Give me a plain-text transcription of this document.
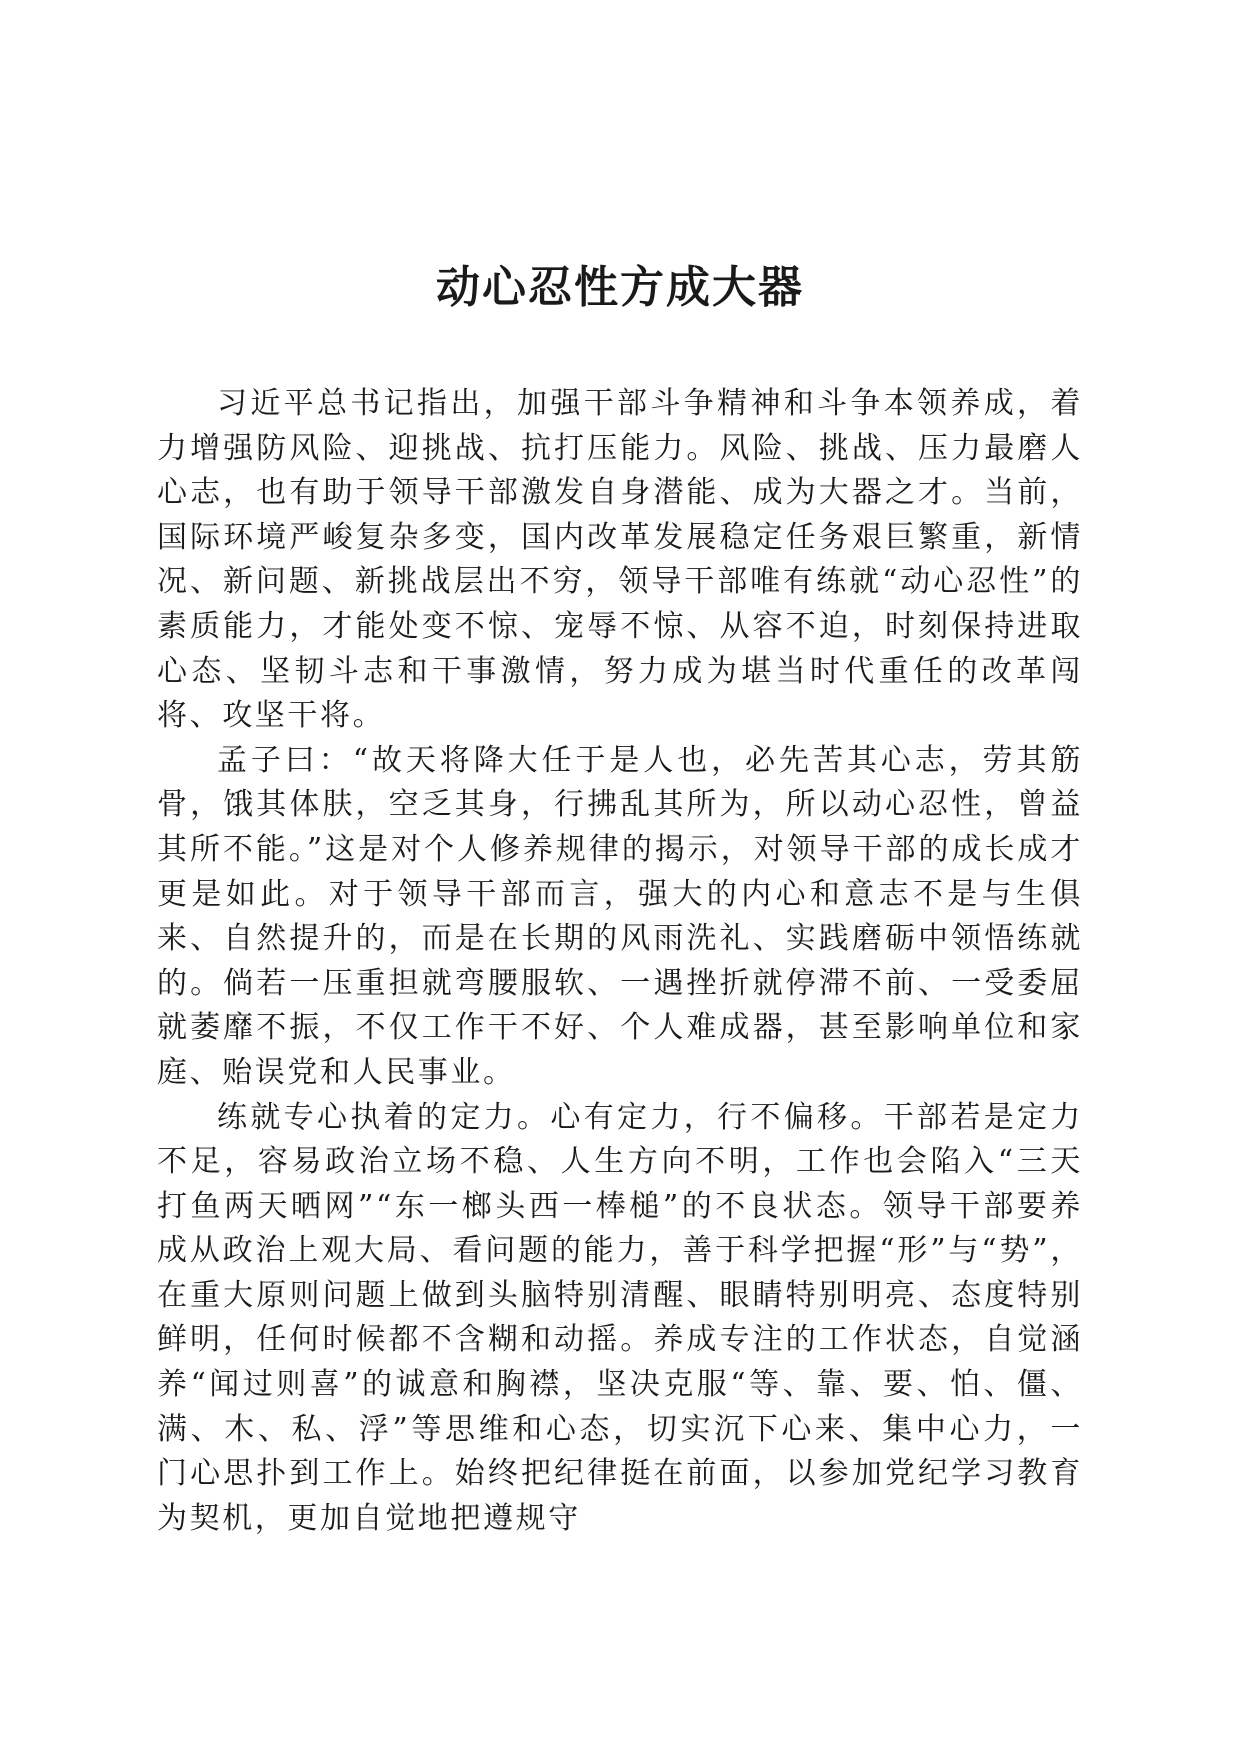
动心忍性方成大器

习近平总书记指出，加强干部斗争精神和斗争本领养成，着力增强防风险、迎挑战、抗打压能力。风险、挑战、压力最磨人心志，也有助于领导干部激发自身潜能、成为大器之才。当前，国际环境严峻复杂多变，国内改革发展稳定任务艰巨繁重，新情况、新问题、新挑战层出不穷，领导干部唯有练就“动心忍性”的素质能力，才能处变不惊、宠辱不惊、从容不迫，时刻保持进取心态、坚韧斗志和干事激情，努力成为堪当时代重任的改革闯将、攻坚干将。

孟子曰：“故天将降大任于是人也，必先苦其心志，劳其筋骨，饿其体肤，空乏其身，行拂乱其所为，所以动心忍性，曾益其所不能。”这是对个人修养规律的揭示，对领导干部的成长成才更是如此。对于领导干部而言，强大的内心和意志不是与生俱来、自然提升的，而是在长期的风雨洗礼、实践磨砺中领悟练就的。倘若一压重担就弯腰服软、一遇挫折就停滞不前、一受委屈就萎靡不振，不仅工作干不好、个人难成器，甚至影响单位和家庭、贻误党和人民事业。

练就专心执着的定力。心有定力，行不偏移。干部若是定力不足，容易政治立场不稳、人生方向不明，工作也会陷入“三天打鱼两天晒网”“东一榔头西一棒槌”的不良状态。领导干部要养成从政治上观大局、看问题的能力，善于科学把握“形”与“势”，在重大原则问题上做到头脑特别清醒、眼睛特别明亮、态度特别鲜明，任何时候都不含糊和动摇。养成专注的工作状态，自觉涵养“闻过则喜”的诚意和胸襟，坚决克服“等、靠、要、怕、僵、满、木、私、浮”等思维和心态，切实沉下心来、集中心力，一门心思扑到工作上。始终把纪律挺在前面，以参加党纪学习教育为契机，更加自觉地把遵规守
